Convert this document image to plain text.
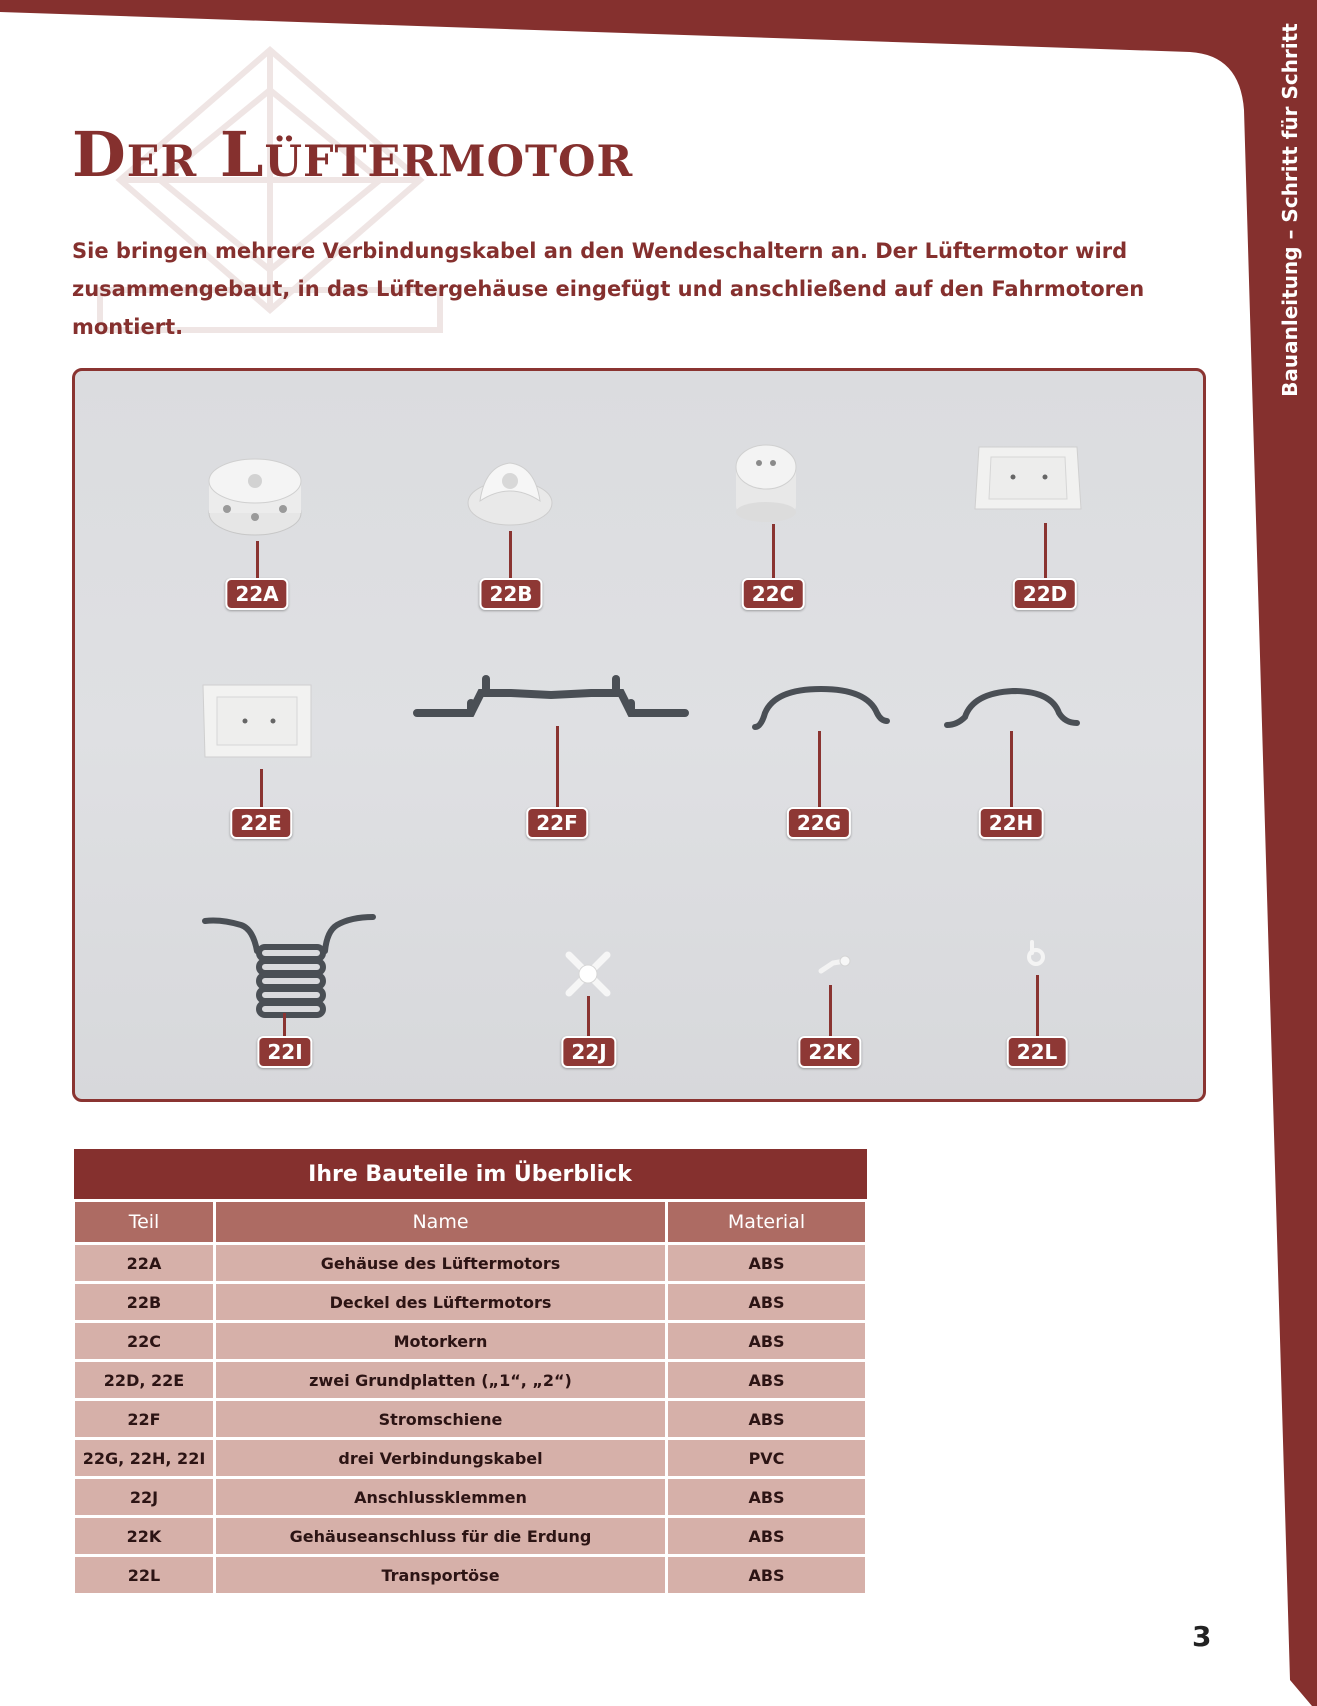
Bauanleitung – Schritt für Schritt
Der Lüftermotor

Sie bringen mehrere Verbindungskabel an den Wendeschaltern an. Der Lüftermotor wird zusammengebaut, in das Lüftergehäuse eingefügt und anschließend auf den Fahrmotoren montiert.

22A	22B	22C	22D
22E	22F	22G	22H
22I	22J	22K	22L
Ihre Bauteile im Überblick		
Teil	Name	Material
22A	Gehäuse des Lüftermotors	ABS
22B	Deckel des Lüftermotors	ABS
22C	Motorkern	ABS
22D, 22E	zwei Grundplatten („1“, „2“)	ABS
22F	Stromschiene	ABS
22G, 22H, 22I	drei Verbindungskabel	PVC
22J	Anschlussklemmen	ABS
22K	Gehäuseanschluss für die Erdung	ABS
22L	Transportöse	ABS
3
